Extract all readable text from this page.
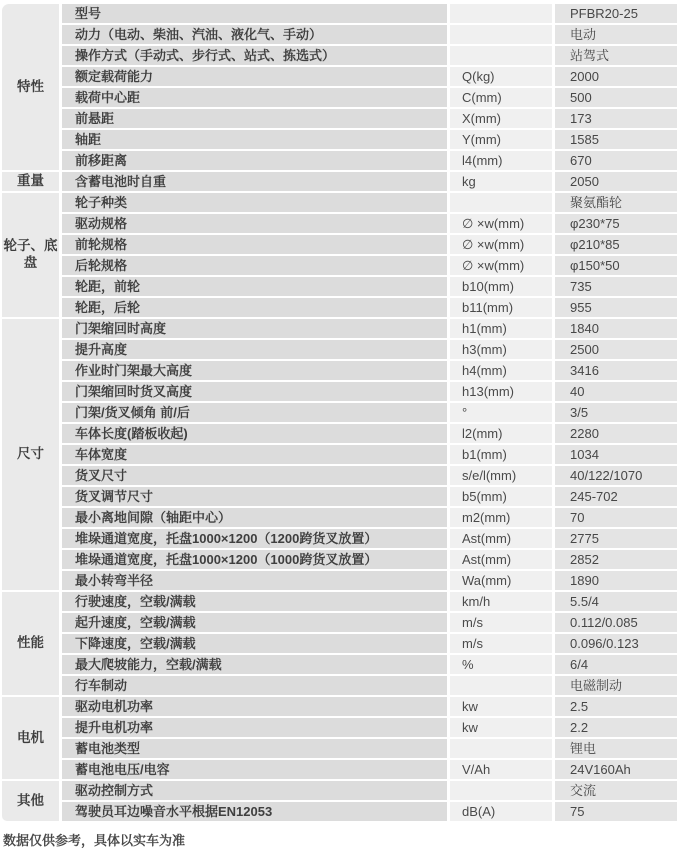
特性	型号		PFBR20-25
	动力（电动、柴油、汽油、液化气、手动）		电动
	操作方式（手动式、步行式、站式、拣选式）		站驾式
	额定载荷能力	Q(kg)	2000
	载荷中心距	C(mm)	500
	前悬距	X(mm)	173
	轴距	Y(mm)	1585
	前移距离	l4(mm)	670
重量	含蓄电池时自重	kg	2050
轮子、底盘	轮子种类		聚氨酯轮
	驱动规格	∅ ×w(mm)	φ230*75
	前轮规格	∅ ×w(mm)	φ210*85
	后轮规格	∅ ×w(mm)	φ150*50
	轮距，前轮	b10(mm)	735
	轮距，后轮	b11(mm)	955
尺寸	门架缩回时高度	h1(mm)	1840
	提升高度	h3(mm)	2500
	作业时门架最大高度	h4(mm)	3416
	门架缩回时货叉高度	h13(mm)	40
	门架/货叉倾角 前/后	°	3/5
	车体长度(踏板收起)	l2(mm)	2280
	车体宽度	b1(mm)	1034
	货叉尺寸	s/e/l(mm)	40/122/1070
	货叉调节尺寸	b5(mm)	245-702
	最小离地间隙（轴距中心）	m2(mm)	70
	堆垛通道宽度，托盘1000×1200（1200跨货叉放置）	Ast(mm)	2775
	堆垛通道宽度，托盘1000×1200（1000跨货叉放置）	Ast(mm)	2852
	最小转弯半径	Wa(mm)	1890
性能	行驶速度，空载/满载	km/h	5.5/4
	起升速度，空载/满载	m/s	0.112/0.085
	下降速度，空载/满载	m/s	0.096/0.123
	最大爬坡能力，空载/满载	%	6/4
	行车制动		电磁制动
电机	驱动电机功率	kw	2.5
	提升电机功率	kw	2.2
	蓄电池类型		锂电
	蓄电池电压/电容	V/Ah	24V160Ah
其他	驱动控制方式		交流
	驾驶员耳边噪音水平根据EN12053	dB(A)	75
数据仅供参考，具体以实车为准
